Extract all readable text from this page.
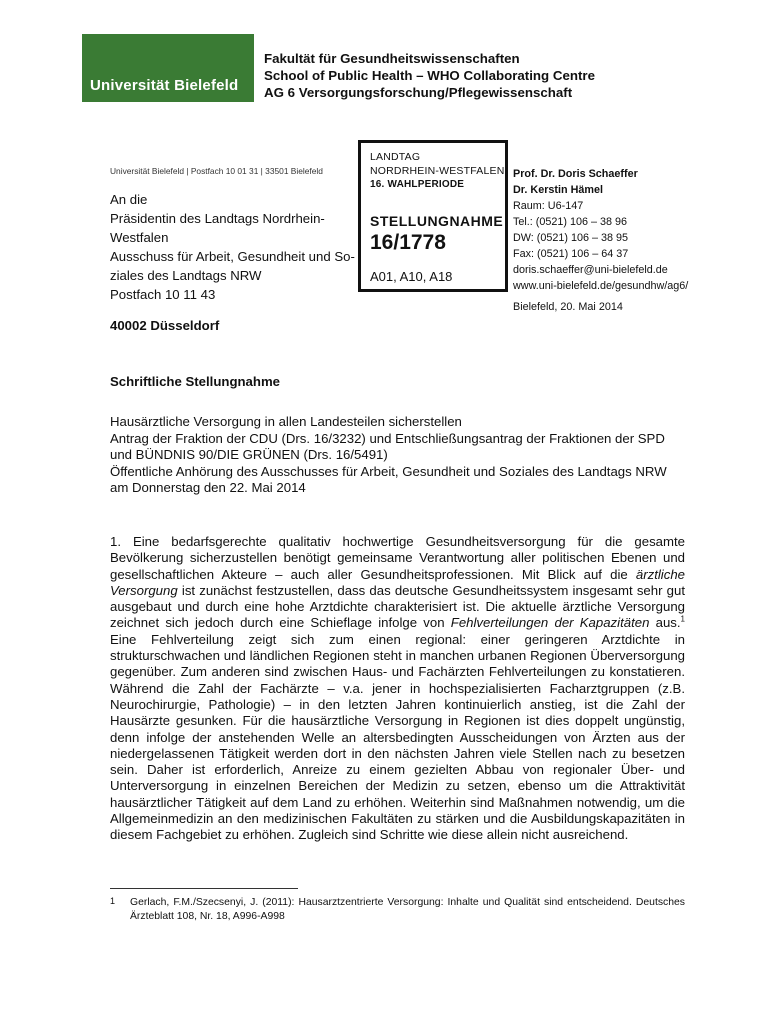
Universität Bielefeld
Fakultät für Gesundheitswissenschaften
School of Public Health – WHO Collaborating Centre
AG 6 Versorgungsforschung/Pflegewissenschaft
Universität Bielefeld | Postfach 10 01 31 | 33501 Bielefeld
An die
Präsidentin des Landtags Nordrhein-
Westfalen
Ausschuss für Arbeit, Gesundheit und So-
ziales des Landtags NRW
Postfach 10 11 43
40002 Düsseldorf
LANDTAG
NORDRHEIN-WESTFALEN
16. WAHLPERIODE
STELLUNGNAHME
16/1778
A01, A10, A18
Prof. Dr. Doris Schaeffer
Dr. Kerstin Hämel
Raum: U6-147
Tel.: (0521) 106 – 38 96
DW: (0521) 106 – 38 95
Fax: (0521) 106 – 64 37
doris.schaeffer@uni-bielefeld.de
www.uni-bielefeld.de/gesundhw/ag6/
Bielefeld, 20. Mai 2014
Schriftliche Stellungnahme

Hausärztliche Versorgung in allen Landesteilen sicherstellen

Antrag der Fraktion der CDU (Drs. 16/3232) und Entschließungsantrag der Fraktionen der SPD und BÜNDNIS 90/DIE GRÜNEN (Drs. 16/5491)

Öffentliche Anhörung des Ausschusses für Arbeit, Gesundheit und Soziales des Landtags NRW am Donnerstag den 22. Mai 2014

1. Eine bedarfsgerechte qualitativ hochwertige Gesundheitsversorgung für die gesamte Bevölkerung sicherzustellen benötigt gemeinsame Verantwortung aller politischen Ebenen und gesellschaftlichen Akteure – auch aller Gesundheitsprofessionen. Mit Blick auf die ärztliche Versorgung ist zunächst festzustellen, dass das deutsche Gesundheitssystem insgesamt sehr gut ausgebaut und durch eine hohe Arztdichte charakterisiert ist. Die aktuelle ärztliche Versorgung zeichnet sich jedoch durch eine Schieflage infolge von Fehlverteilungen der Kapazitäten aus.$^1$ Eine Fehlverteilung zeigt sich zum einen regional: einer geringeren Arztdichte in strukturschwachen und ländlichen Regionen steht in manchen urbanen Regionen Überversorgung gegenüber. Zum anderen sind zwischen Haus- und Fachärzten Fehlverteilungen zu konstatieren. Während die Zahl der Fachärzte – v.a. jener in hochspezialisierten Facharztgruppen (z.B. Neurochirurgie, Pathologie) – in den letzten Jahren kontinuierlich anstieg, ist die Zahl der Hausärzte gesunken. Für die hausärztliche Versorgung in Regionen ist dies doppelt ungünstig, denn infolge der anstehenden Welle an altersbedingten Ausscheidungen von Ärzten aus der niedergelassenen Tätigkeit werden dort in den nächsten Jahren viele Stellen nach zu besetzen sein. Daher ist erforderlich, Anreize zu einem gezielten Abbau von regionaler Über- und Unterversorgung in einzelnen Bereichen der Medizin zu setzen, ebenso um die Attraktivität hausärztlicher Tätigkeit auf dem Land zu erhöhen. Weiterhin sind Maßnahmen notwendig, um die Allgemeinmedizin an den medizinischen Fakultäten zu stärken und die Ausbildungskapazitäten in diesem Fachgebiet zu erhöhen. Zugleich sind Schritte wie diese allein nicht ausreichend.

1 Gerlach, F.M./Szecsenyi, J. (2011): Hausarztzentrierte Versorgung: Inhalte und Qualität sind entscheidend. Deutsches Ärzteblatt 108, Nr. 18, A996-A998
